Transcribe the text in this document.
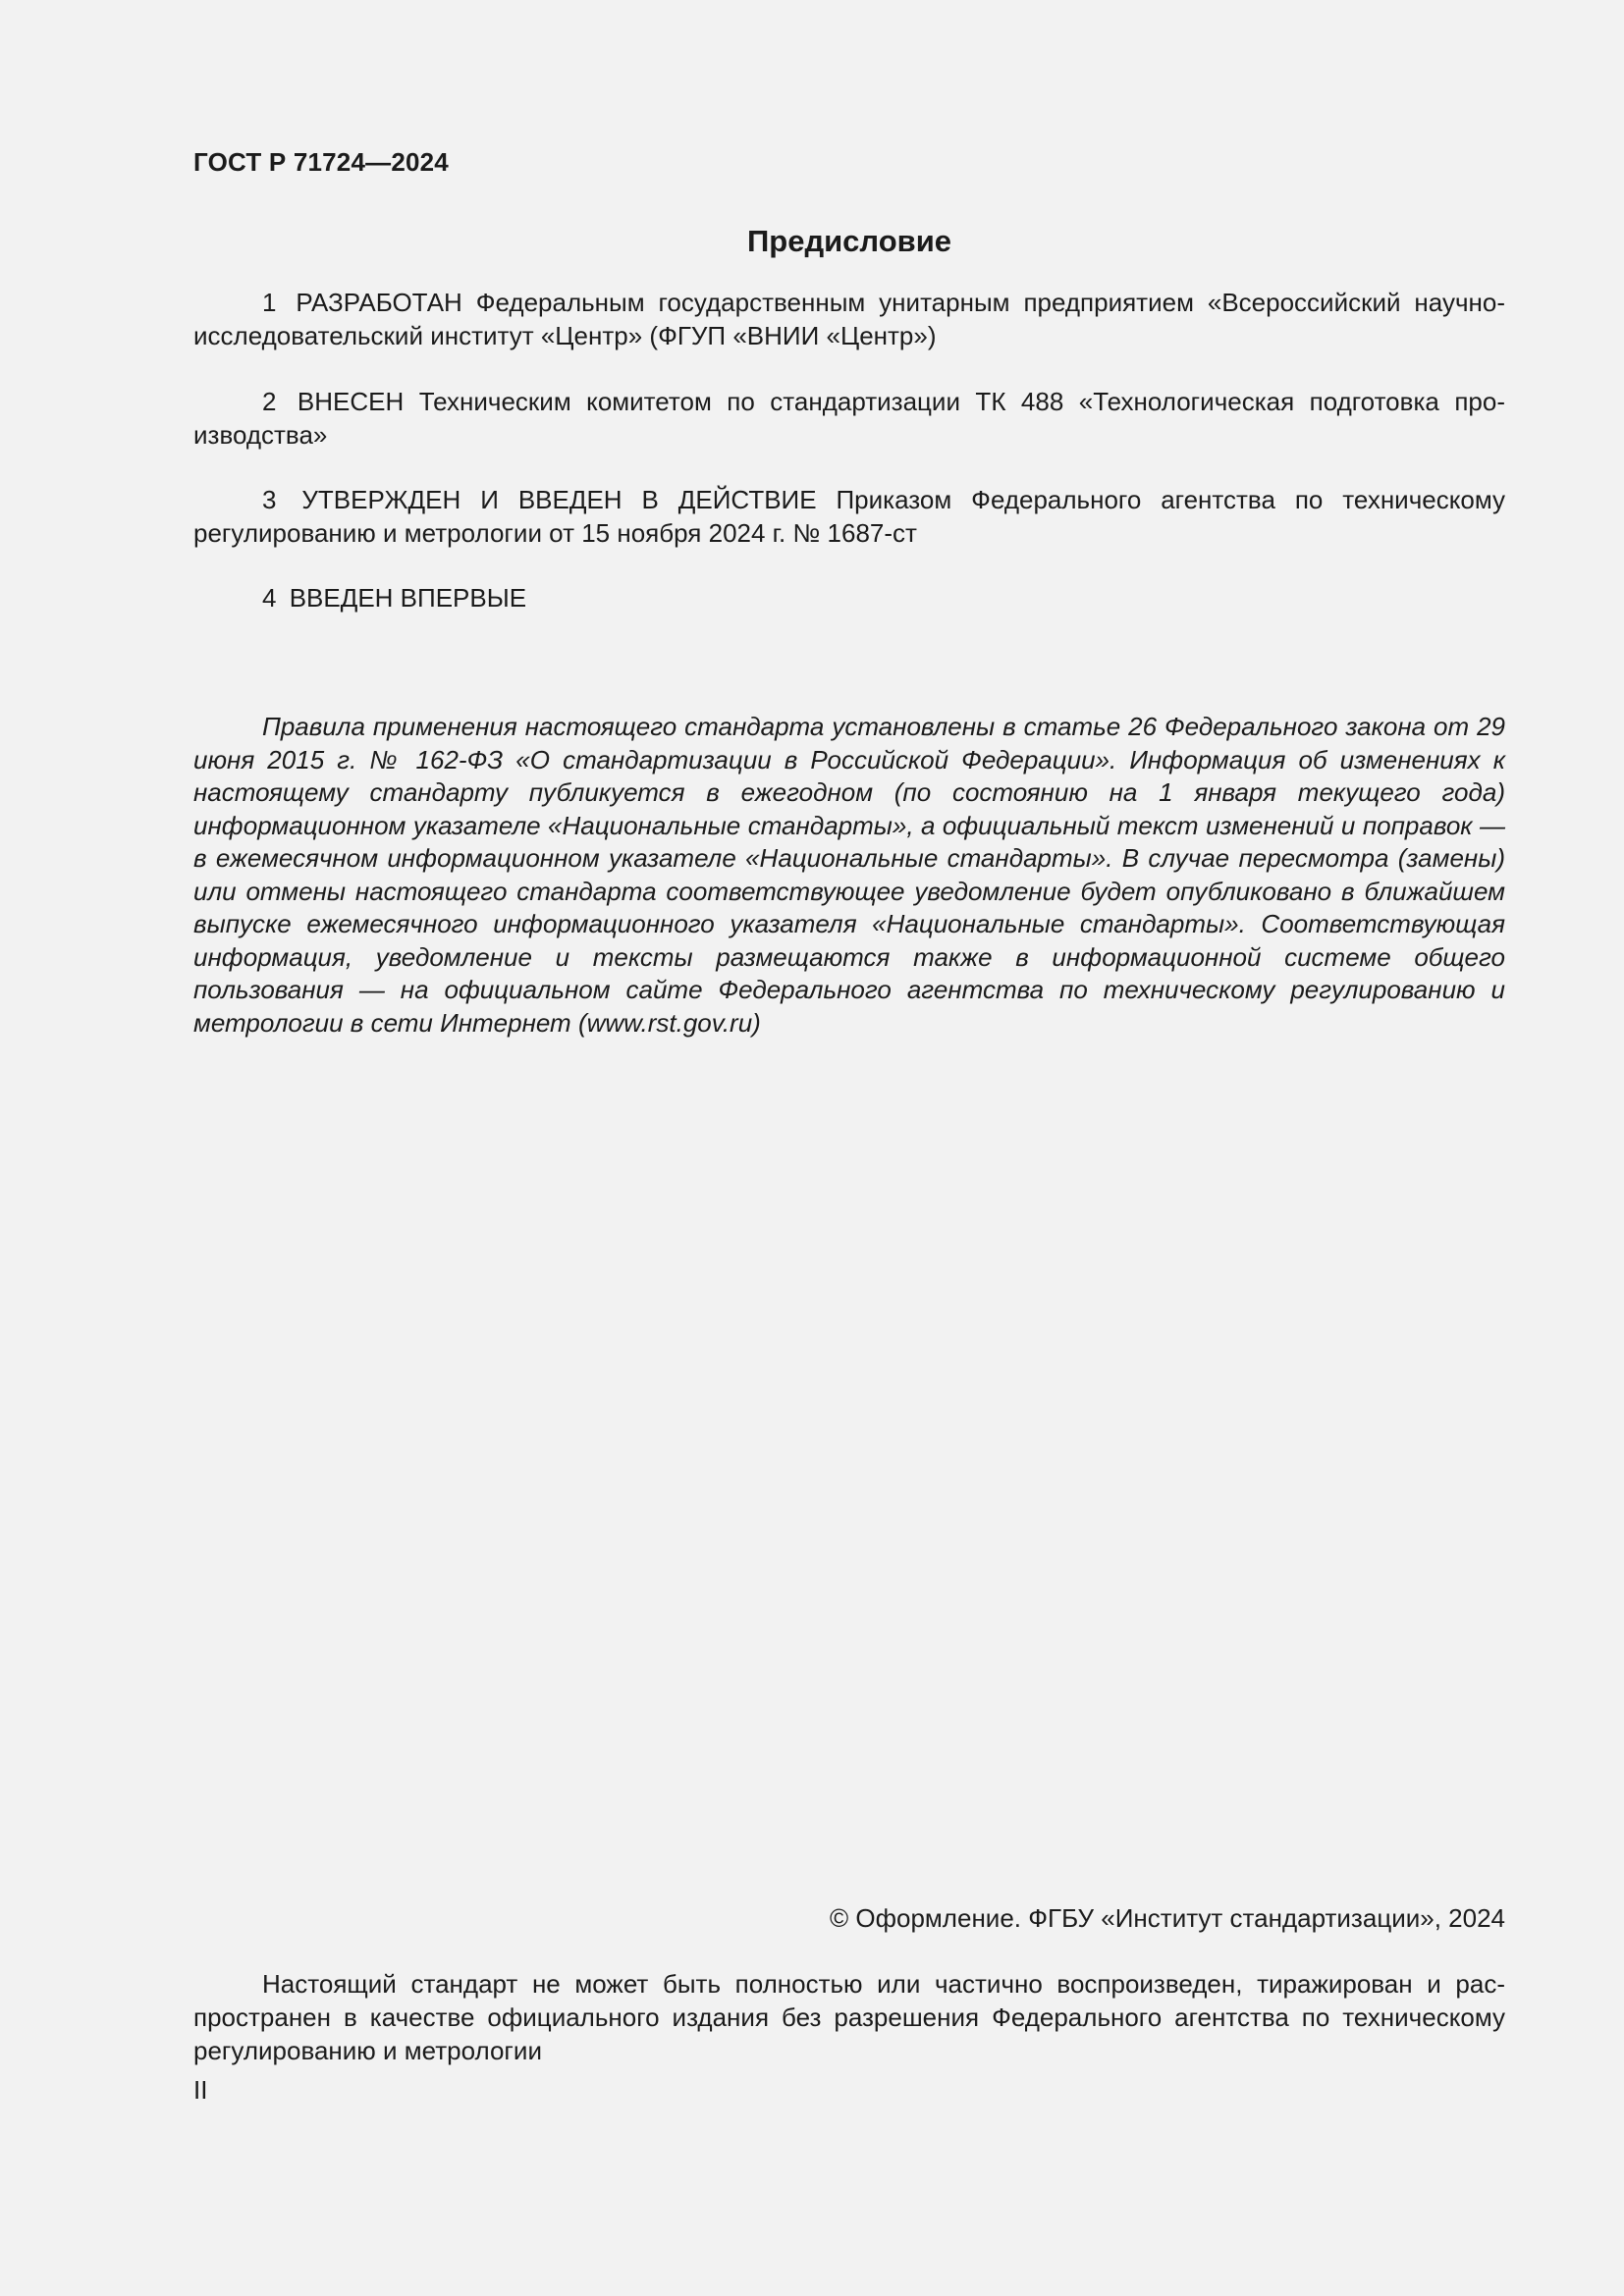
ГОСТ Р 71724—2024
Предисловие

1 РАЗРАБОТАН Федеральным государственным унитарным предприятием «Всероссийский научно-исследовательский институт «Центр» (ФГУП «ВНИИ «Центр»)

2 ВНЕСЕН Техническим комитетом по стандартизации ТК 488 «Технологическая подготовка производства»

3 УТВЕРЖДЕН И ВВЕДЕН В ДЕЙСТВИЕ Приказом Федерального агентства по техническому регулированию и метрологии от 15 ноября 2024 г. № 1687-ст

4 ВВЕДЕН ВПЕРВЫЕ

Правила применения настоящего стандарта установлены в статье 26 Федерального закона от 29 июня 2015 г. № 162-ФЗ «О стандартизации в Российской Федерации». Информация об изменениях к настоящему стандарту публикуется в ежегодном (по состоянию на 1 января текущего года) информационном указателе «Национальные стандарты», а официальный текст изменений и поправок — в ежемесячном информационном указателе «Национальные стандарты». В случае пересмотра (замены) или отмены настоящего стандарта соответствующее уведомление будет опубликовано в ближайшем выпуске ежемесячного информационного указателя «Национальные стандарты». Соответствующая информация, уведомление и тексты размещаются также в информационной системе общего пользования — на официальном сайте Федерального агентства по техническому регулированию и метрологии в сети Интернет (www.rst.gov.ru)

© Оформление. ФГБУ «Институт стандартизации», 2024

Настоящий стандарт не может быть полностью или частично воспроизведен, тиражирован и распространен в качестве официального издания без разрешения Федерального агентства по техническому регулированию и метрологии

II
